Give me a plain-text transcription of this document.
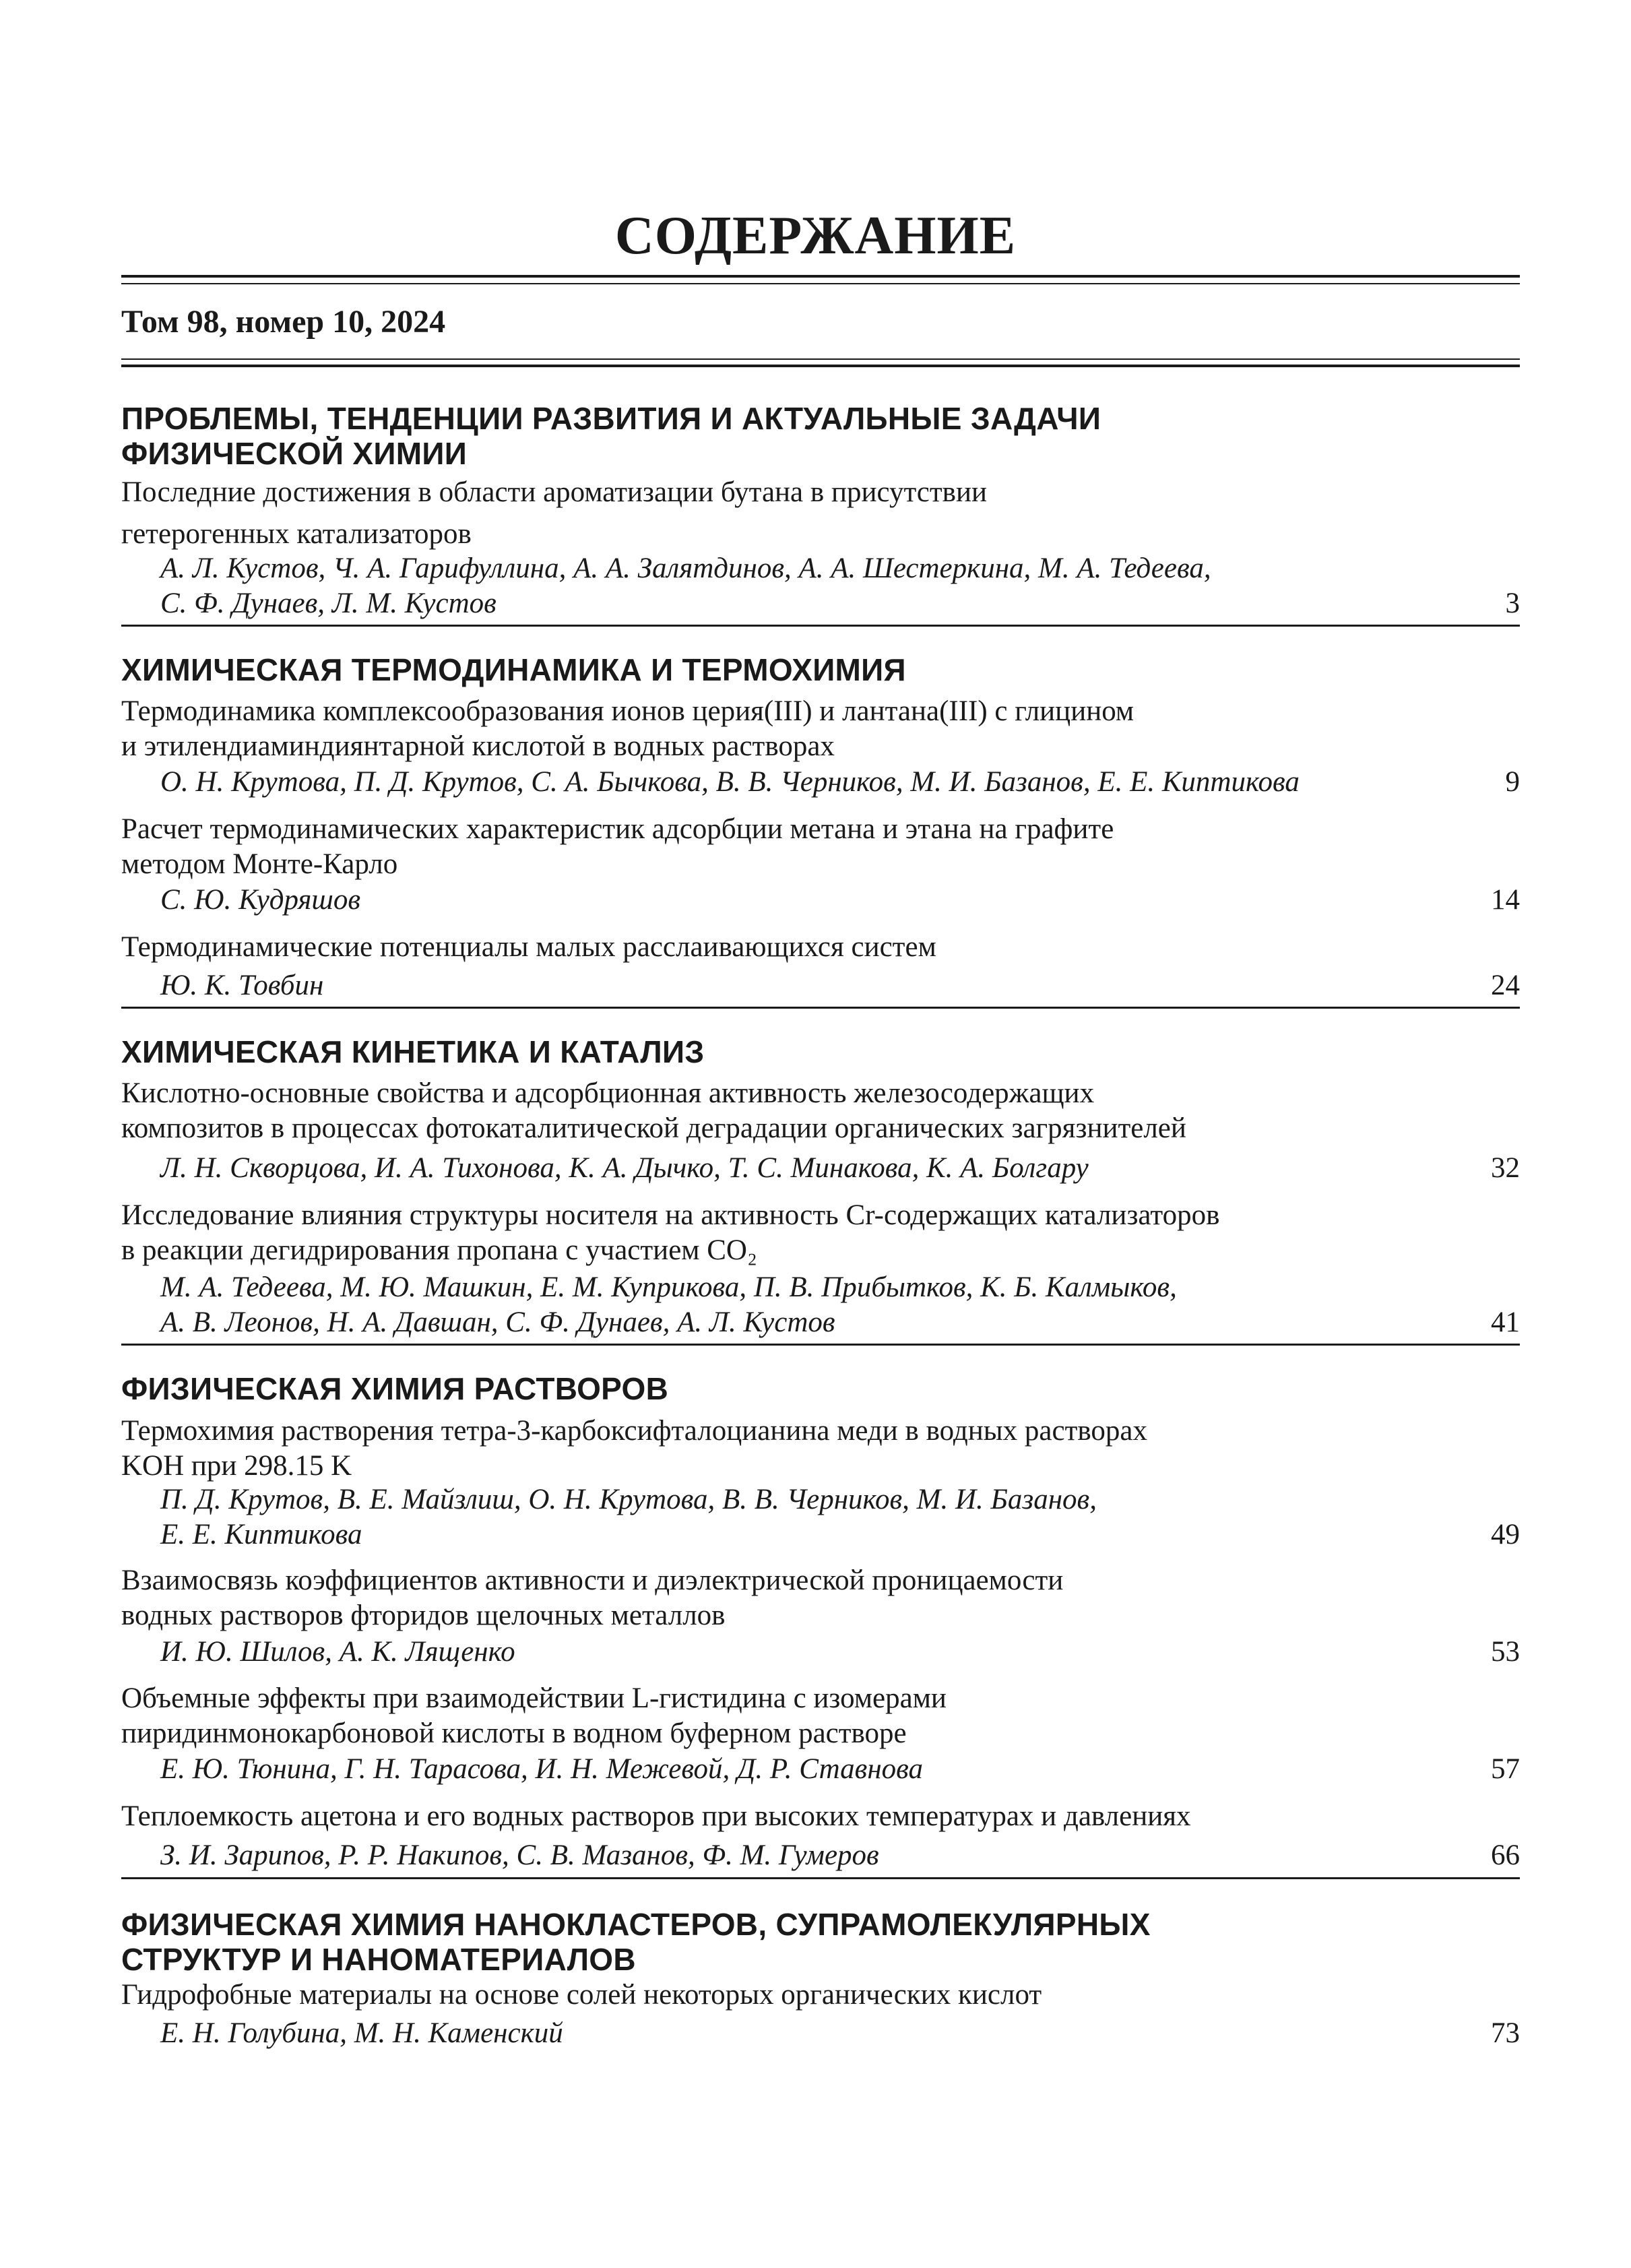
СОДЕРЖАНИЕ
Том 98, номер 10, 2024
ПРОБЛЕМЫ, ТЕНДЕНЦИИ РАЗВИТИЯ И АКТУАЛЬНЫЕ ЗАДАЧИ
ФИЗИЧЕСКОЙ ХИМИИ
Последние достижения в области ароматизации бутана в присутствии
гетерогенных катализаторов
А. Л. Кустов, Ч. А. Гарифуллина, А. А. Залятдинов, А. А. Шестеркина, М. А. Тедеева,
С. Ф. Дунаев, Л. М. Кустов	3
ХИМИЧЕСКАЯ ТЕРМОДИНАМИКА И ТЕРМОХИМИЯ
Термодинамика комплексообразования ионов церия(III) и лантана(III) с глицином
и этилендиаминдиянтарной кислотой в водных растворах
О. Н. Крутова, П. Д. Крутов, С. А. Бычкова, В. В. Черников, М. И. Базанов, Е. Е. Киптикова	9
Расчет термодинамических характеристик адсорбции метана и этана на графите
методом Монте-Карло
С. Ю. Кудряшов	14
Термодинамические потенциалы малых расслаивающихся систем
Ю. К. Товбин	24
ХИМИЧЕСКАЯ КИНЕТИКА И КАТАЛИЗ
Кислотно-основные свойства и адсорбционная активность железосодержащих
композитов в процессах фотокаталитической деградации органических загрязнителей
Л. Н. Скворцова, И. А. Тихонова, К. А. Дычко, Т. С. Минакова, К. А. Болгару	32
Исследование влияния структуры носителя на активность Cr-содержащих катализаторов
в реакции дегидрирования пропана с участием CO₂
М. А. Тедеева, М. Ю. Машкин, Е. М. Куприкова, П. В. Прибытков, К. Б. Калмыков,
А. В. Леонов, Н. А. Давшан, С. Ф. Дунаев, А. Л. Кустов	41
ФИЗИЧЕСКАЯ ХИМИЯ РАСТВОРОВ
Термохимия растворения тетра-3-карбоксифталоцианина меди в водных растворах
KOH при 298.15 K
П. Д. Крутов, В. Е. Майзлиш, О. Н. Крутова, В. В. Черников, М. И. Базанов,
Е. Е. Киптикова	49
Взаимосвязь коэффициентов активности и диэлектрической проницаемости
водных растворов фторидов щелочных металлов
И. Ю. Шилов, А. К. Лященко	53
Объемные эффекты при взаимодействии L-гистидина с изомерами
пиридинмонокарбоновой кислоты в водном буферном растворе
Е. Ю. Тюнина, Г. Н. Тарасова, И. Н. Межевой, Д. Р. Ставнова	57
Теплоемкость ацетона и его водных растворов при высоких температурах и давлениях
З. И. Зарипов, Р. Р. Накипов, С. В. Мазанов, Ф. М. Гумеров	66
ФИЗИЧЕСКАЯ ХИМИЯ НАНОКЛАСТЕРОВ, СУПРАМОЛЕКУЛЯРНЫХ
СТРУКТУР И НАНОМАТЕРИАЛОВ
Гидрофобные материалы на основе солей некоторых органических кислот
Е. Н. Голубина, М. Н. Каменский	73
